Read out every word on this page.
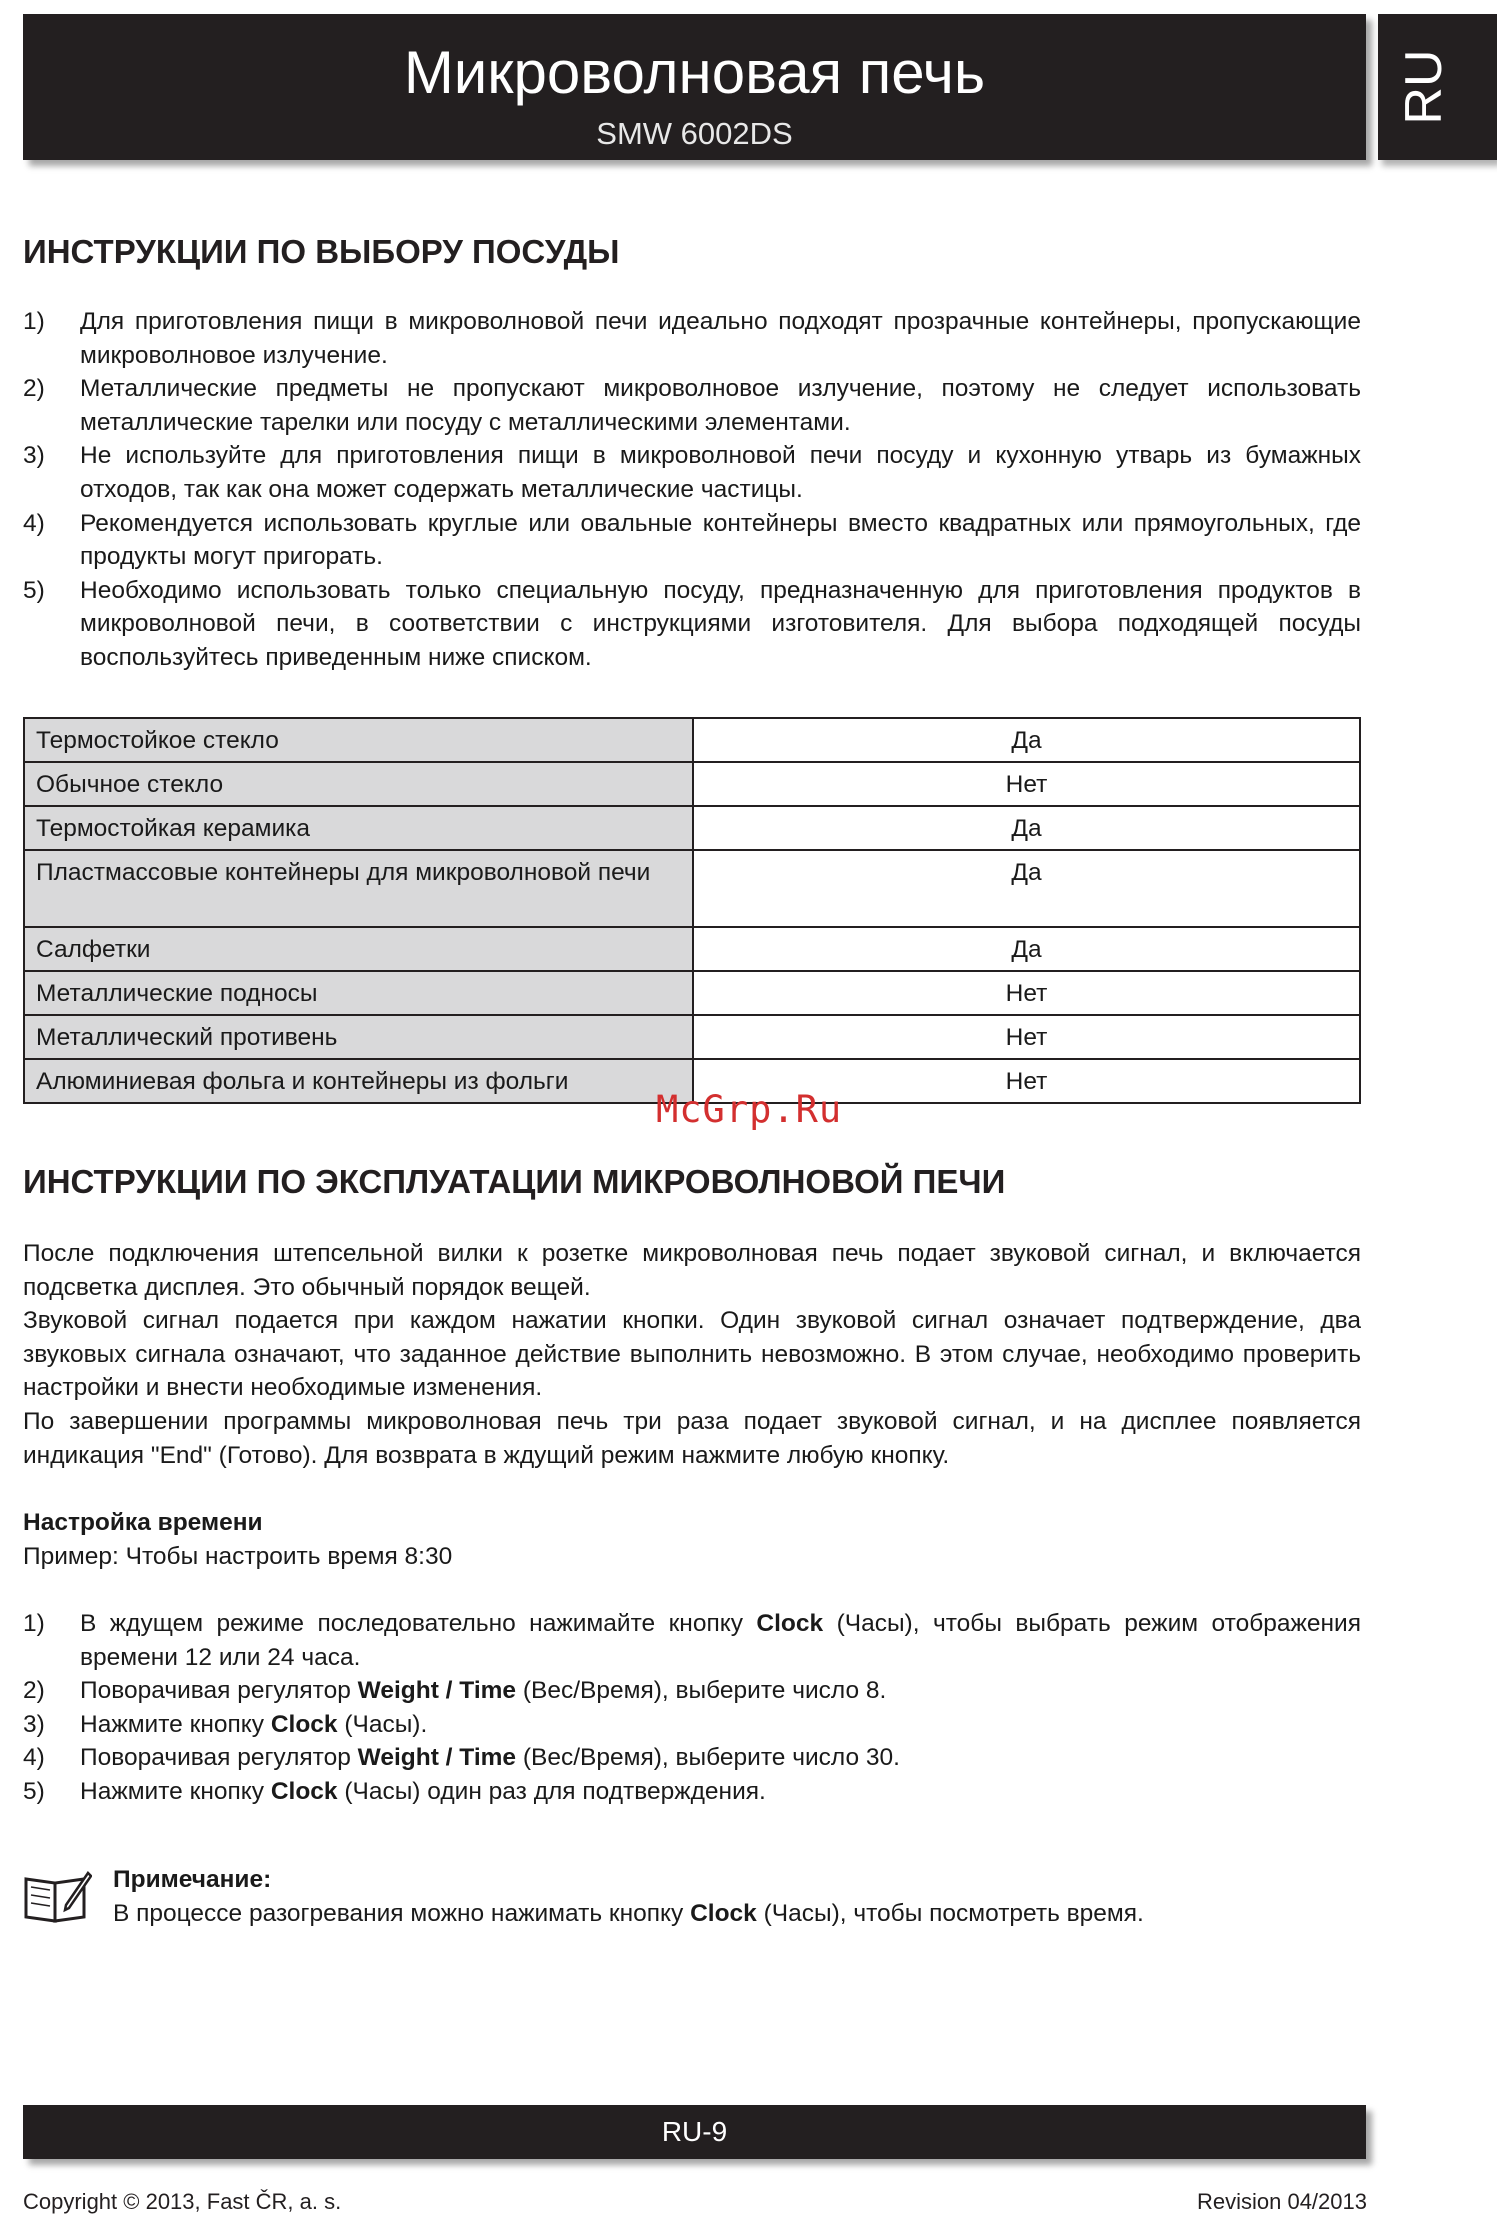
Микроволновая печь
SMW 6002DS
RU
ИНСТРУКЦИИ ПО ВЫБОРУ ПОСУДЫ
1) Для приготовления пищи в микроволновой печи идеально подходят прозрачные контейнеры, пропускающие микроволновое излучение.
2) Металлические предметы не пропускают микроволновое излучение, поэтому не следует использовать металлические тарелки или посуду с металлическими элементами.
3) Не используйте для приготовления пищи в микроволновой печи посуду и кухонную утварь из бумажных отходов, так как она может содержать металлические частицы.
4) Рекомендуется использовать круглые или овальные контейнеры вместо квадратных или прямоугольных, где продукты могут пригорать.
5) Необходимо использовать только специальную посуду, предназначенную для приготовления продуктов в микроволновой печи, в соответствии с инструкциями изготовителя. Для выбора подходящей посуды воспользуйтесь приведенным ниже списком.
Термостойкое стекло	Да
Обычное стекло	Нет
Термостойкая керамика	Да
Пластмассовые контейнеры для микроволновой печи	Да
Салфетки	Да
Металлические подносы	Нет
Металлический противень	Нет
Алюминиевая фольга и контейнеры из фольги	Нет
McGrp.Ru
ИНСТРУКЦИИ ПО ЭКСПЛУАТАЦИИ МИКРОВОЛНОВОЙ ПЕЧИ
После подключения штепсельной вилки к розетке микроволновая печь подает звуковой сигнал, и включается подсветка дисплея. Это обычный порядок вещей.
Звуковой сигнал подается при каждом нажатии кнопки. Один звуковой сигнал означает подтверждение, два звуковых сигнала означают, что заданное действие выполнить невозможно. В этом случае, необходимо проверить настройки и внести необходимые изменения.
По завершении программы микроволновая печь три раза подает звуковой сигнал, и на дисплее появляется индикация "End" (Готово). Для возврата в ждущий режим нажмите любую кнопку.
Настройка времени
Пример: Чтобы настроить время 8:30
1) В ждущем режиме последовательно нажимайте кнопку Clock (Часы), чтобы выбрать режим отображения времени 12 или 24 часа.
2) Поворачивая регулятор Weight / Time (Вес/Время), выберите число 8.
3) Нажмите кнопку Clock (Часы).
4) Поворачивая регулятор Weight / Time (Вес/Время), выберите число 30.
5) Нажмите кнопку Clock (Часы) один раз для подтверждения.
Примечание:
В процессе разогревания можно нажимать кнопку Clock (Часы), чтобы посмотреть время.
RU-9
Copyright © 2013, Fast ČR, a. s.	Revision 04/2013
